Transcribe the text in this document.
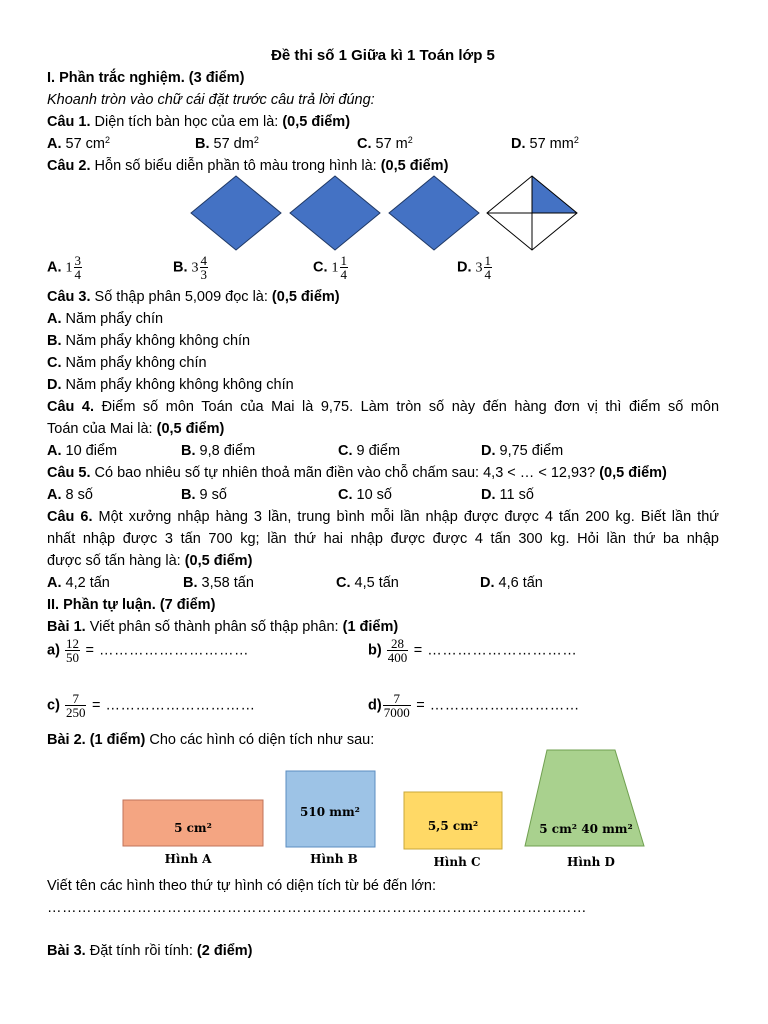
Đề thi số 1 Giữa kì 1 Toán lớp 5
I. Phần trắc nghiệm. (3 điểm)
Khoanh tròn vào chữ cái đặt trước câu trả lời đúng:
Câu 1. Diện tích bàn học của em là: (0,5 điểm)
A. 57 $cm^2$	B. 57 $dm^2$	C. 57 $m^2$	D. 57 $mm^2$
Câu 2. Hỗn số biểu diễn phần tô màu trong hình là: (0,5 điểm)
A. $1 \frac{3}{4}$	B. $3 \frac{4}{3}$	C. $1 \frac{1}{4}$	D. $3 \frac{1}{4}$
Câu 3. Số thập phân 5,009 đọc là: (0,5 điểm)
A. Năm phẩy chín
B. Năm phẩy không không chín
C. Năm phẩy không chín
D. Năm phẩy không không không chín
Câu 4. Điểm số môn Toán của Mai là 9,75. Làm tròn số này đến hàng đơn vị thì điểm số môn
Toán của Mai là: (0,5 điểm)
A. 10 điểm	B. 9,8 điểm	C. 9 điểm	D. 9,75 điểm
Câu 5. Có bao nhiêu số tự nhiên thoả mãn điền vào chỗ chấm sau: 4,3 < … < 12,93? (0,5 điểm)
A. 8 số	B. 9 số	C. 10 số	D. 11 số
Câu 6. Một xưởng nhập hàng 3 lần, trung bình mỗi lần nhập được được 4 tấn 200 kg. Biết lần thứ
nhất nhập được 3 tấn 700 kg; lần thứ hai nhập được được 4 tấn 300 kg. Hỏi lần thứ ba nhập
được số tấn hàng là: (0,5 điểm)
A. 4,2 tấn	B. 3,58 tấn	C. 4,5 tấn	D. 4,6 tấn
II. Phần tự luận. (7 điểm)
Bài 1. Viết phân số thành phân số thập phân: (1 điểm)
$a) \frac{12}{50}$ = …………………………	$b) \frac{28}{400}$ = …………………………
$c) \frac{7}{250}$ = …………………………	$d) \frac{7}{7000}$ = …………………………
Bài 2. (1 điểm) Cho các hình có diện tích như sau:
5 cm²
Hình A
510 mm²
Hình B
5,5 cm²
Hình C
5 cm² 40 mm²
Hình D
Viết tên các hình theo thứ tự hình có diện tích từ bé đến lớn:
………………………………………………………………………………………………
Bài 3. Đặt tính rồi tính: (2 điểm)
